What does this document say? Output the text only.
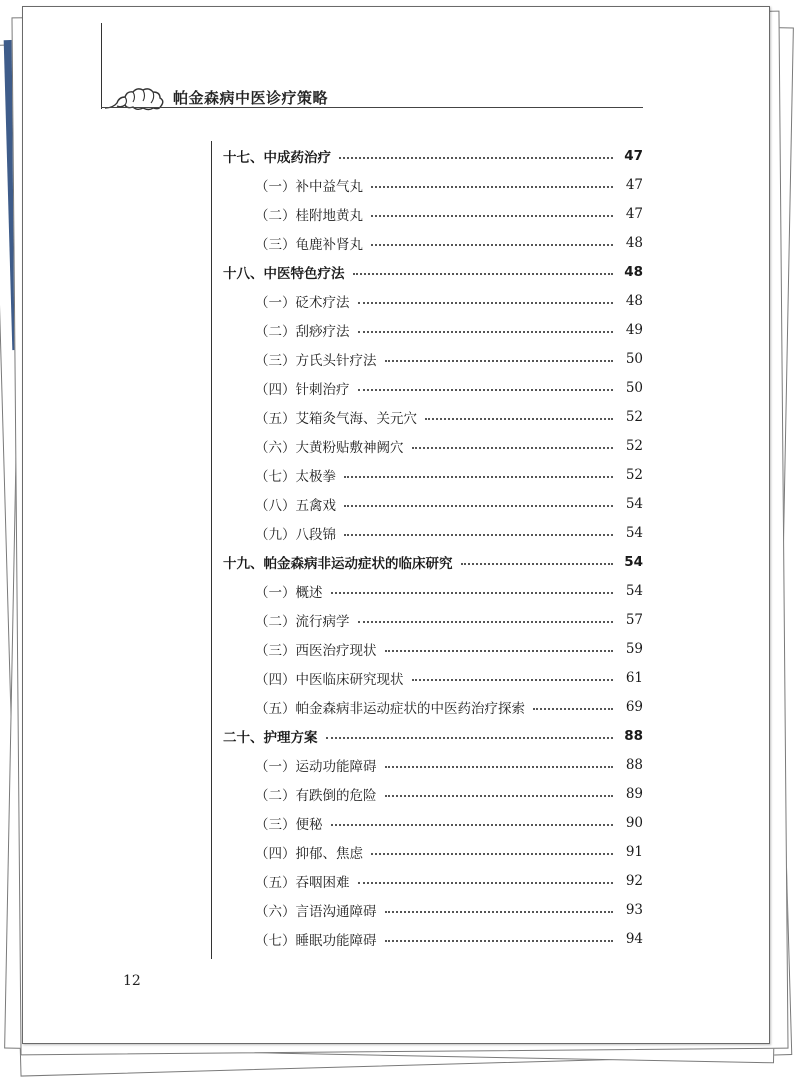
帕金森病中医诊疗策略
十七、中成药治疗	47
（一）补中益气丸	47
（二）桂附地黄丸	47
（三）龟鹿补肾丸	48
十八、中医特色疗法	48
（一）砭术疗法	48
（二）刮痧疗法	49
（三）方氏头针疗法	50
（四）针刺治疗	50
（五）艾箱灸气海、关元穴	52
（六）大黄粉贴敷神阙穴	52
（七）太极拳	52
（八）五禽戏	54
（九）八段锦	54
十九、帕金森病非运动症状的临床研究	54
（一）概述	54
（二）流行病学	57
（三）西医治疗现状	59
（四）中医临床研究现状	61
（五）帕金森病非运动症状的中医药治疗探索	69
二十、护理方案	88
（一）运动功能障碍	88
（二）有跌倒的危险	89
（三）便秘	90
（四）抑郁、焦虑	91
（五）吞咽困难	92
（六）言语沟通障碍	93
（七）睡眠功能障碍	94
12
